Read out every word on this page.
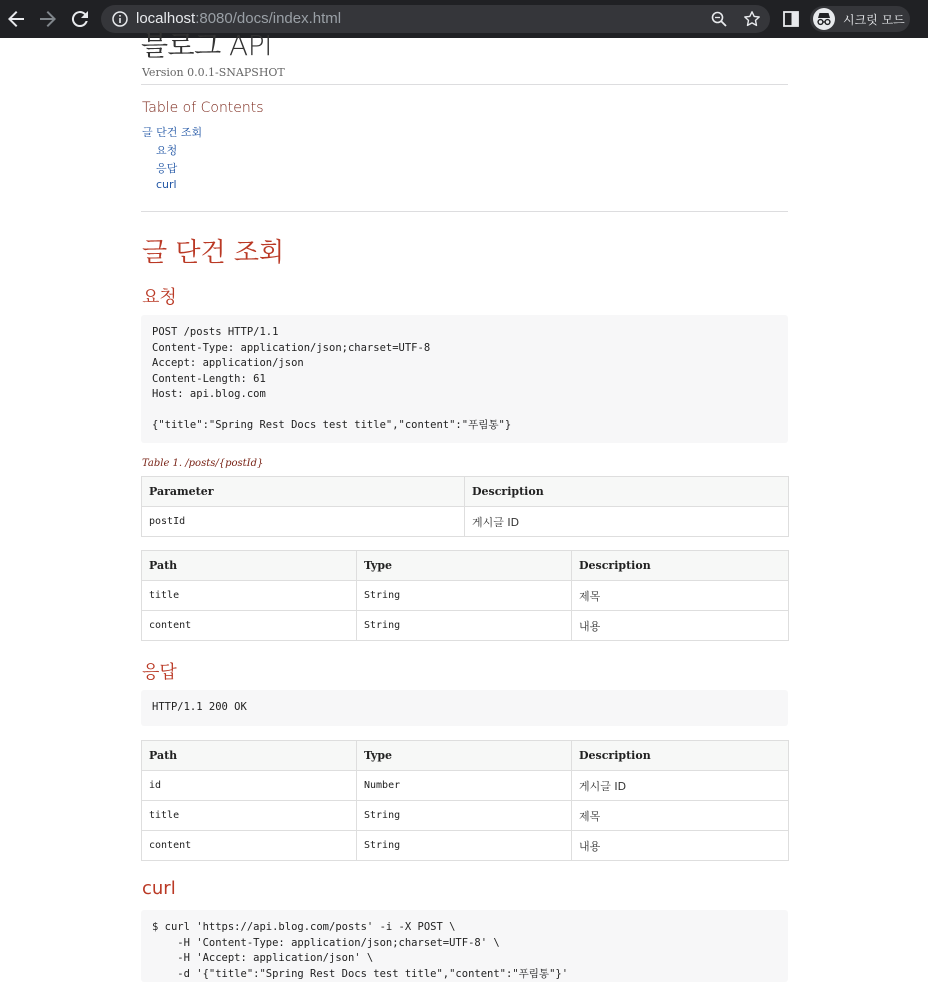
localhost:8080/docs/index.html	시크릿 모드
블로그 API
Version 0.0.1-SNAPSHOT
Table of Contents
글 단건 조회
요청
응답
curl
글 단건 조회
요청
POST /posts HTTP/1.1
Content-Type: application/json;charset=UTF-8
Accept: application/json
Content-Length: 61
Host: api.blog.com

{"title":"Spring Rest Docs test title","content":"푸림통"}
Table 1. /posts/{postId}
Parameter	Description
postId	게시글 ID
Path	Type	Description
title	String	제목
content	String	내용
응답
HTTP/1.1 200 OK
Path	Type	Description
id	Number	게시글 ID
title	String	제목
content	String	내용
curl
$ curl 'https://api.blog.com/posts' -i -X POST \
-H 'Content-Type: application/json;charset=UTF-8' \
-H 'Accept: application/json' \
-d '{"title":"Spring Rest Docs test title","content":"푸림통"}'
